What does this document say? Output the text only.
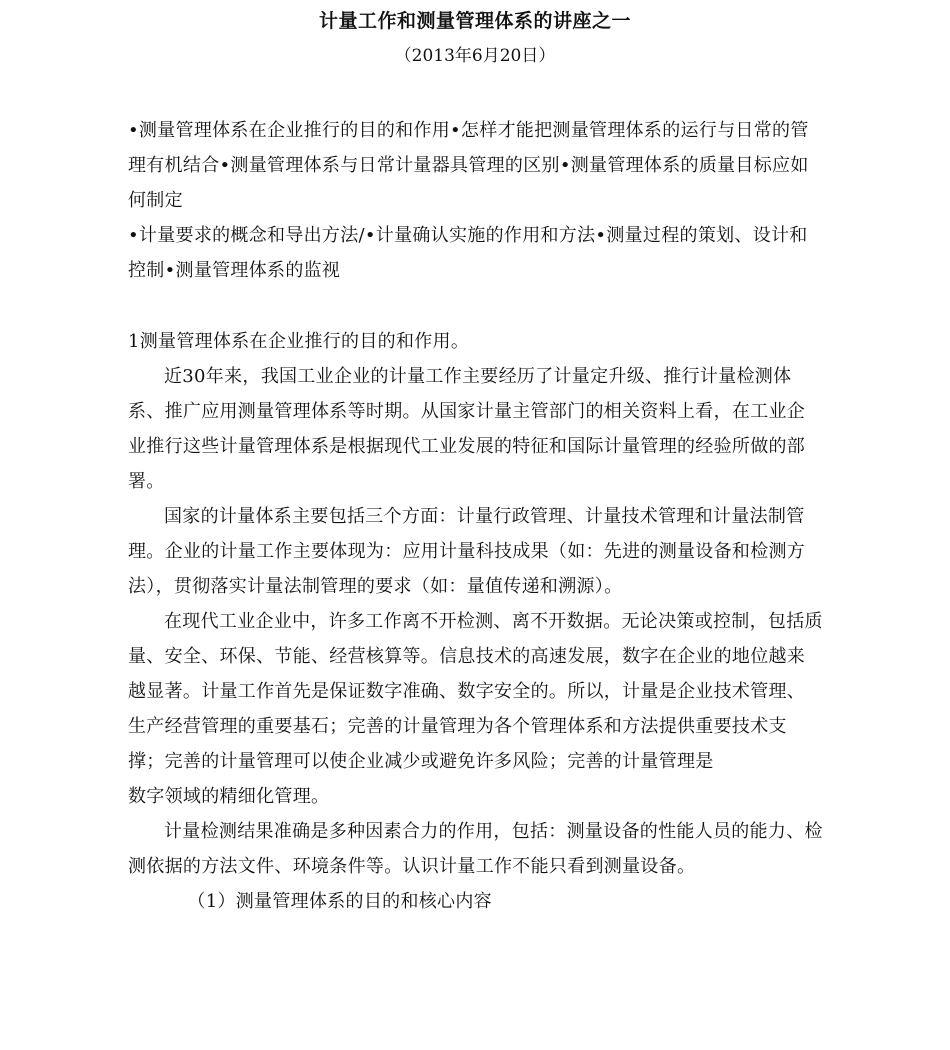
计量工作和测量管理体系的讲座之一
（2013年6月20日）

•测量管理体系在企业推行的目的和作用•怎样才能把测量管理体系的运行与日常的管理有机结合•测量管理体系与日常计量器具管理的区别•测量管理体系的质量目标应如何制定

•计量要求的概念和导出方法/•计量确认实施的作用和方法•测量过程的策划、设计和控制•测量管理体系的监视

1测量管理体系在企业推行的目的和作用。

近30年来，我国工业企业的计量工作主要经历了计量定升级、推行计量检测体系、推广应用测量管理体系等时期。从国家计量主管部门的相关资料上看，在工业企业推行这些计量管理体系是根据现代工业发展的特征和国际计量管理的经验所做的部署。

国家的计量体系主要包括三个方面：计量行政管理、计量技术管理和计量法制管理。企业的计量工作主要体现为：应用计量科技成果（如：先进的测量设备和检测方法），贯彻落实计量法制管理的要求（如：量值传递和溯源）。

在现代工业企业中，许多工作离不开检测、离不开数据。无论决策或控制，包括质量、安全、环保、节能、经营核算等。信息技术的高速发展，数字在企业的地位越来越显著。计量工作首先是保证数字准确、数字安全的。所以，计量是企业技术管理、生产经营管理的重要基石；完善的计量管理为各个管理体系和方法提供重要技术支撑；完善的计量管理可以使企业减少或避免许多风险；完善的计量管理是

数字领域的精细化管理。

计量检测结果准确是多种因素合力的作用，包括：测量设备的性能人员的能力、检测依据的方法文件、环境条件等。认识计量工作不能只看到测量设备。

（1）测量管理体系的目的和核心内容
